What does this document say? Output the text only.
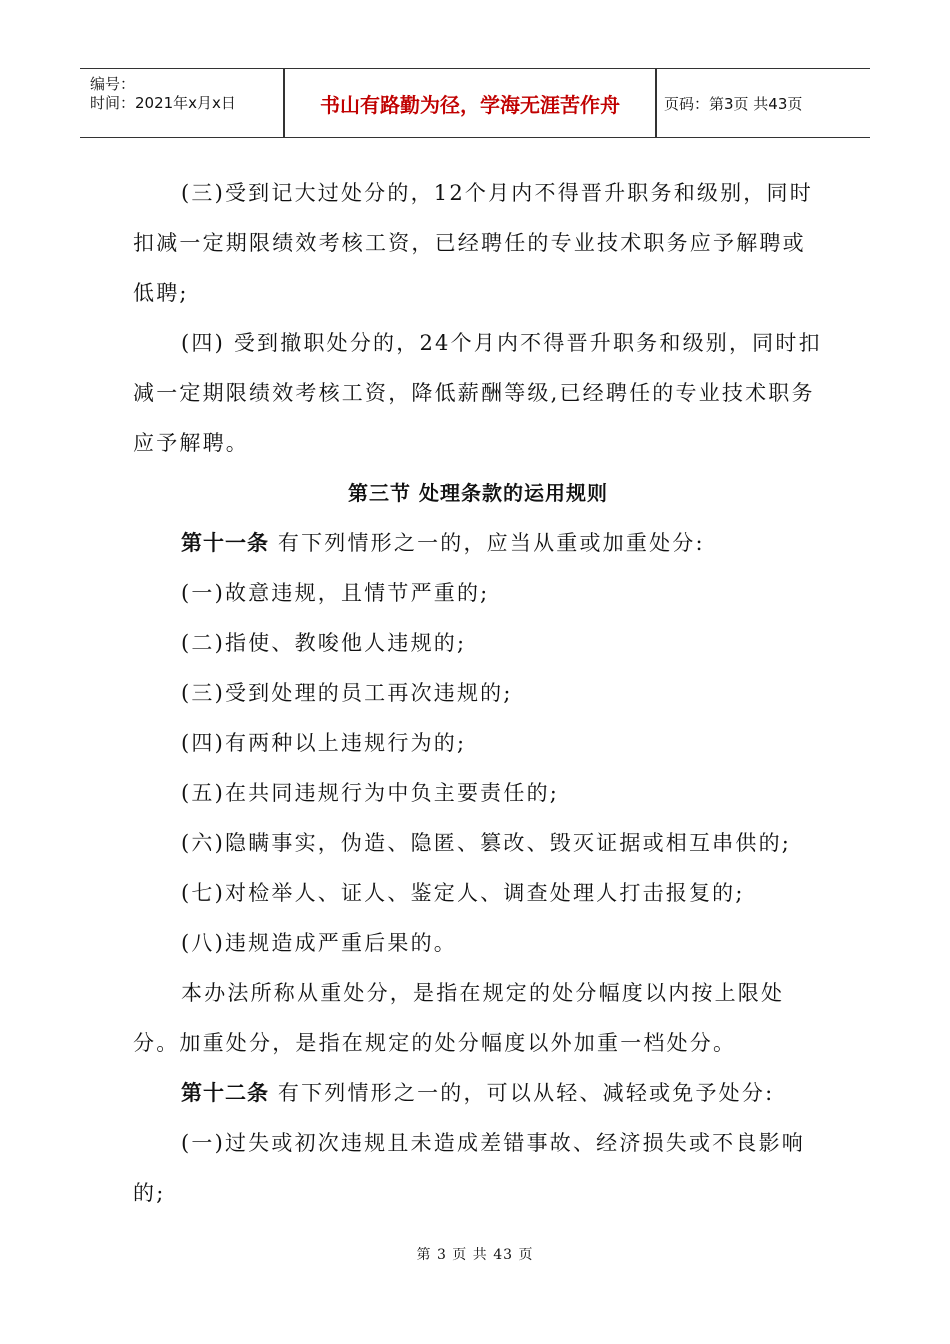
编号：
时间：2021年x月x日	书山有路勤为径，学海无涯苦作舟	页码：第3页 共43页

(三)受到记大过处分的，12个月内不得晋升职务和级别，同时扣减一定期限绩效考核工资，已经聘任的专业技术职务应予解聘或低聘;

(四) 受到撤职处分的，24个月内不得晋升职务和级别，同时扣减一定期限绩效考核工资，降低薪酬等级,已经聘任的专业技术职务应予解聘。

第三节 处理条款的运用规则

第十一条 有下列情形之一的，应当从重或加重处分:

(一)故意违规，且情节严重的;

(二)指使、教唆他人违规的;

(三)受到处理的员工再次违规的;

(四)有两种以上违规行为的;

(五)在共同违规行为中负主要责任的;

(六)隐瞒事实，伪造、隐匿、篡改、毁灭证据或相互串供的;

(七)对检举人、证人、鉴定人、调查处理人打击报复的;

(八)违规造成严重后果的。

本办法所称从重处分，是指在规定的处分幅度以内按上限处分。加重处分，是指在规定的处分幅度以外加重一档处分。

第十二条 有下列情形之一的，可以从轻、减轻或免予处分:

(一)过失或初次违规且未造成差错事故、经济损失或不良影响的;

第 3 页 共 43 页
